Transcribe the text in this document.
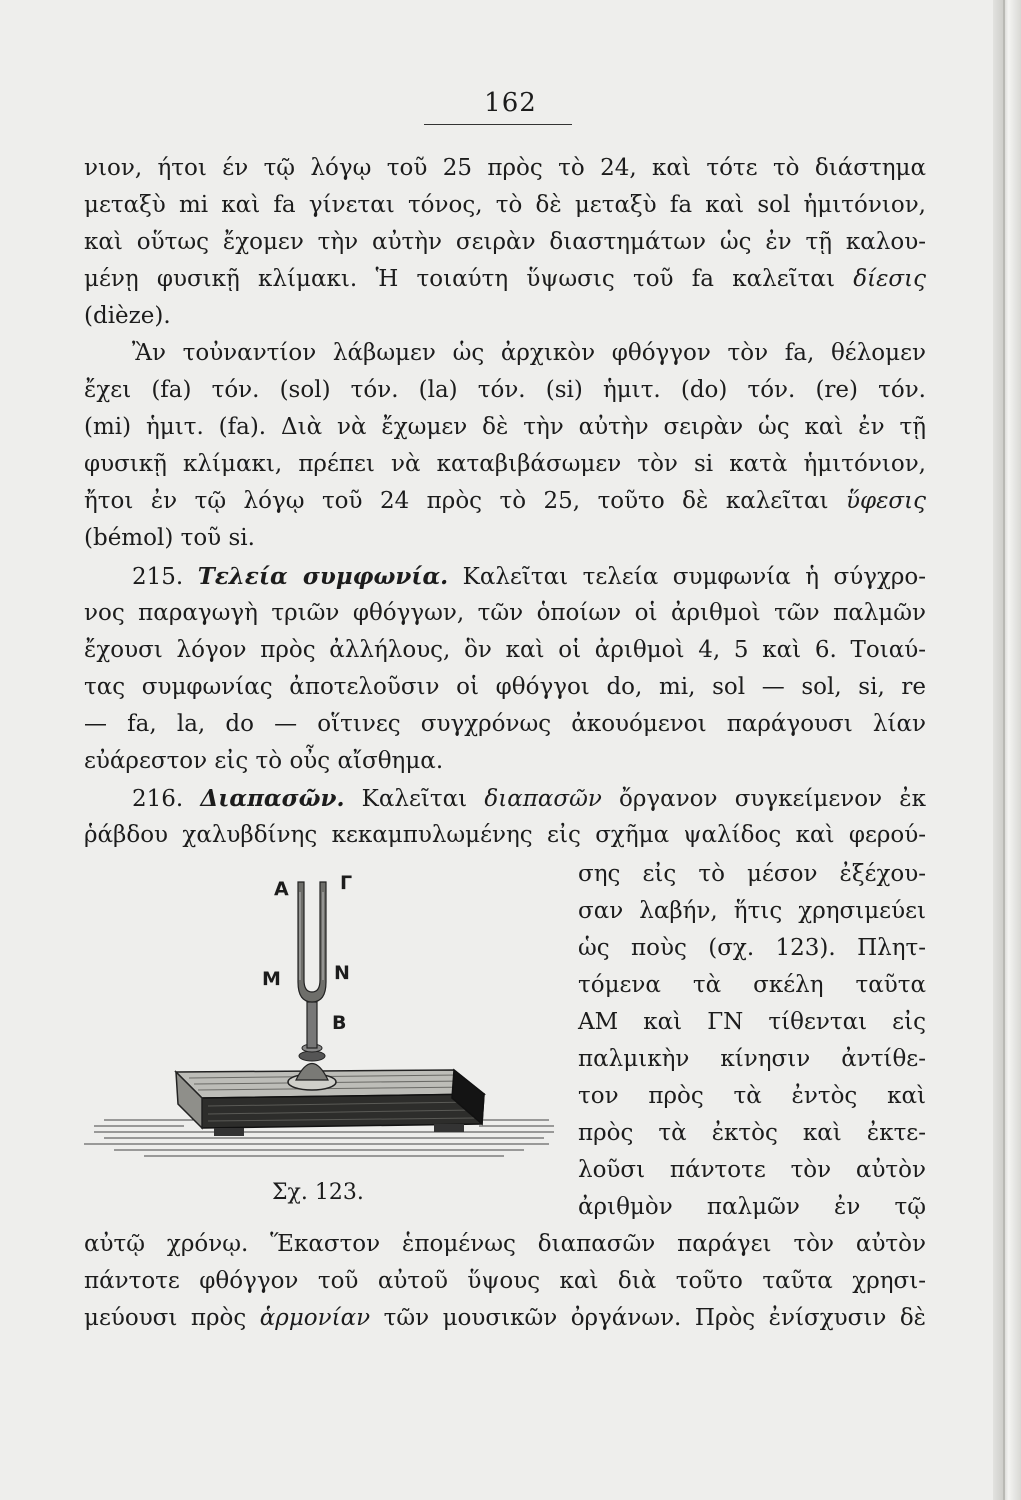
162
νιον, ήτοι έν τῷ λόγῳ τοῦ 25 πρὸς τὸ 24, καὶ τότε τὸ διάστημα
μεταξὺ mi καὶ fa γίνεται τόνος, τὸ δὲ μεταξὺ fa καὶ sol ἡμιτόνιον,
καὶ οὕτως ἔχομεν τὴν αὐτὴν σειρὰν διαστημάτων ὡς ἐν τῇ καλου-
μένῃ φυσικῇ κλίμακι. Ἡ τοιαύτη ὕψωσις τοῦ fa καλεῖται δίεσις
(dièze).
Ἂν τοὐναντίον λάβωμεν ὡς ἀρχικὸν φθόγγον τὸν fa, θέλομεν
ἔχει (fa) τόν. (sol) τόν. (la) τόν. (si) ἡμιτ. (do) τόν. (re) τόν.
(mi) ἡμιτ. (fa). Διὰ νὰ ἔχωμεν δὲ τὴν αὐτὴν σειρὰν ὡς καὶ ἐν τῇ
φυσικῇ κλίμακι, πρέπει νὰ καταβιβάσωμεν τὸν si κατὰ ἡμιτόνιον,
ἤτοι ἐν τῷ λόγῳ τοῦ 24 πρὸς τὸ 25, τοῦτο δὲ καλεῖται ὕφεσις
(bémol) τοῦ si.
215. Τελεία συμφωνία. Καλεῖται τελεία συμφωνία ἡ σύγχρο-
νος παραγωγὴ τριῶν φθόγγων, τῶν ὁποίων οἱ ἀριθμοὶ τῶν παλμῶν
ἔχουσι λόγον πρὸς ἀλλήλους, ὃν καὶ οἱ ἀριθμοὶ 4, 5 καὶ 6. Τοιαύ-
τας συμφωνίας ἀποτελοῦσιν οἱ φθόγγοι do, mi, sol — sol, si, re
— fa, la, do — οἵτινες συγχρόνως ἀκουόμενοι παράγουσι λίαν
εὐάρεστον εἰς τὸ οὖς αἴσθημα.
216. Διαπασῶν. Καλεῖται διαπασῶν ὄργανον συγκείμενον ἐκ
ῥάβδου χαλυβδίνης κεκαμπυλωμένης εἰς σχῆμα ψαλίδος καὶ φερού-
σης εἰς τὸ μέσον ἐξέχου-
σαν λαβήν, ἥτις χρησιμεύει
ὡς ποὺς (σχ. 123). Πλητ-
τόμενα τὰ σκέλη ταῦτα
ΑΜ καὶ ΓΝ τίθενται εἰς
παλμικὴν κίνησιν ἀντίθε-
τον πρὸς τὰ ἐντὸς καὶ
πρὸς τὰ ἐκτὸς καὶ ἐκτε-
λοῦσι πάντοτε τὸν αὐτὸν
ἀριθμὸν παλμῶν ἐν τῷ
Α	Γ
Μ	Ν
Β
Σχ. 123.
αὐτῷ χρόνῳ. Ἕκαστον ἑπομένως διαπασῶν παράγει τὸν αὐτὸν
πάντοτε φθόγγον τοῦ αὐτοῦ ὕψους καὶ διὰ τοῦτο ταῦτα χρησι-
μεύουσι πρὸς ἁρμονίαν τῶν μουσικῶν ὀργάνων. Πρὸς ἐνίσχυσιν δὲ
